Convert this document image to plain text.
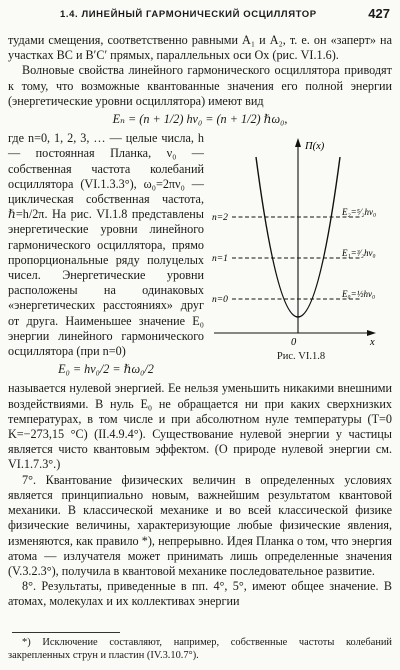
1.4. ЛИНЕЙНЫЙ ГАРМОНИЧЕСКИЙ ОСЦИЛЛЯТОР	427

тудами смещения, соответственно равными A₁ и A₂, т. е. он «заперт» на участках BC и B′C′ прямых, параллельных оси Ox (рис. VI.1.6).

Волновые свойства линейного гармонического осциллятора приводят к тому, что возможные квантованные значения его полной энергии (энергетические уровни осциллятора) имеют вид

Eₙ = (n + 1/2) hν₀ = (n + 1/2) ℏω₀,

Π(x)
x
0
n=2
n=1
n=0
E₂=⁵⁄₂hν₀
E₁=³⁄₂hν₀
E₀=½hν₀
Рис. VI.1.8

где n=0, 1, 2, 3, … — целые числа, h — постоянная Планка, ν₀ — собственная частота колебаний осциллятора (VI.1.3.3°), ω₀=2πν₀ — циклическая собственная частота, ℏ=h/2π. На рис. VI.1.8 представлены энергетические уровни линейного гармонического осциллятора, прямо пропорциональные ряду полуцелых чисел. Энергетические уровни расположены на одинаковых «энергетических расстояниях» друг от друга. Наименьшее значение E₀ энергии линейного гармонического осциллятора (при n=0)

E₀ = hν₀/2 = ℏω₀/2

называется нулевой энергией. Ее нельзя уменьшить никакими внешними воздействиями. В нуль E₀ не обращается ни при каких сверхнизких температурах, в том числе и при абсолютном нуле температуры (T=0 K=−273,15 °C) (II.4.9.4°). Существование нулевой энергии у частицы является чисто квантовым эффектом. (О природе нулевой энергии см. VI.1.7.3°.)

7°. Квантование физических величин в определенных условиях является принципиально новым, важнейшим результатом квантовой механики. В классической механике и во всей классической физике физические величины, характеризующие любые физические явления, изменяются, как правило *), непрерывно. Идея Планка о том, что энергия атома — излучателя может принимать лишь определенные значения (V.3.2.3°), получила в квантовой механике последовательное развитие.

8°. Результаты, приведенные в пп. 4°, 5°, имеют общее значение. В атомах, молекулах и их коллективах энергии

*) Исключение составляют, например, собственные частоты колебаний закрепленных струн и пластин (IV.3.10.7°).
